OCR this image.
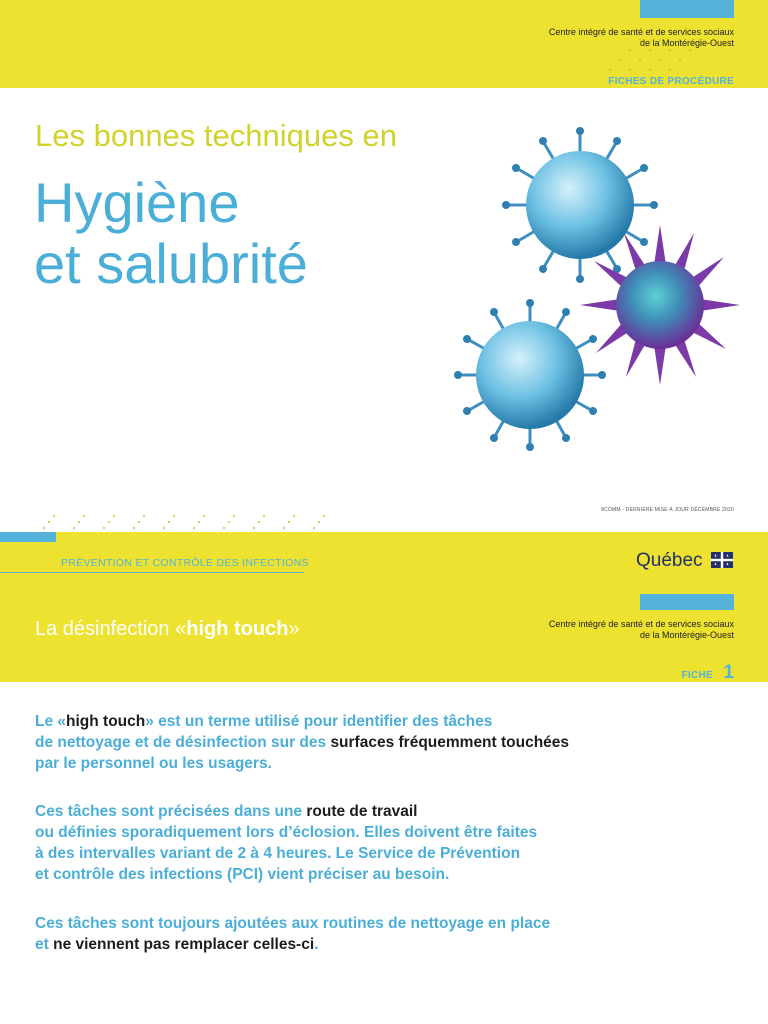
Centre intégré de santé et de services sociaux
de la Montérégie-Ouest
FICHES DE PROCÉDURE
Les bonnes techniques en
Hygiène
et salubrité
8COMM - DERNIÈRE MISE À JOUR DÉCEMBRE 2020
PRÉVENTION ET CONTRÔLE DES INFECTIONS	Québec
Centre intégré de santé et de services sociaux
de la Montérégie-Ouest
La désinfection «high touch»
FICHE 1
Le «high touch» est un terme utilisé pour identifier des tâches
de nettoyage et de désinfection sur des surfaces fréquemment touchées
par le personnel ou les usagers.
Ces tâches sont précisées dans une route de travail
ou définies sporadiquement lors d’éclosion. Elles doivent être faites
à des intervalles variant de 2 à 4 heures. Le Service de Prévention
et contrôle des infections (PCI) vient préciser au besoin.
Ces tâches sont toujours ajoutées aux routines de nettoyage en place
et ne viennent pas remplacer celles-ci.
